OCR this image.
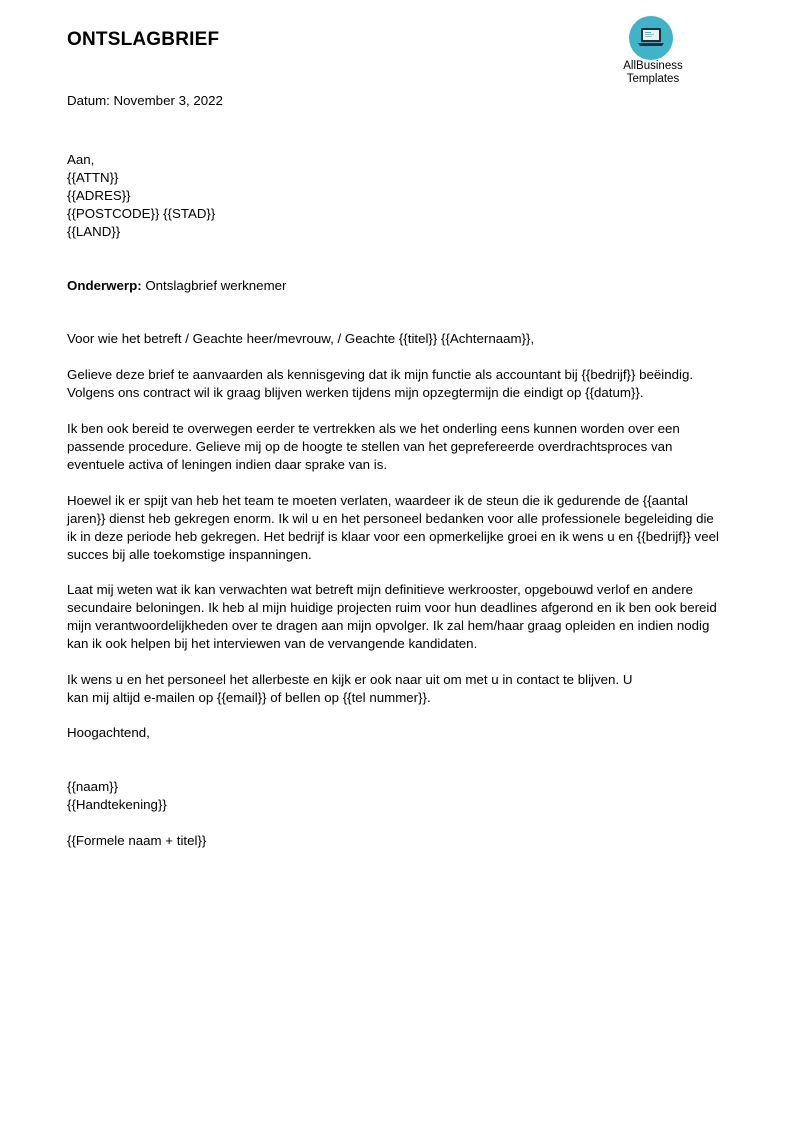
ONTSLAGBRIEF
AllBusiness
Templates
Datum: November 3, 2022
Aan,
{{ATTN}}
{{ADRES}}
{{POSTCODE}} {{STAD}}
{{LAND}}
Onderwerp: Ontslagbrief werknemer
Voor wie het betreft / Geachte heer/mevrouw, / Geachte {{titel}} {{Achternaam}},
Gelieve deze brief te aanvaarden als kennisgeving dat ik mijn functie als accountant bij {{bedrijf}} beëindig.
Volgens ons contract wil ik graag blijven werken tijdens mijn opzegtermijn die eindigt op {{datum}}.
Ik ben ook bereid te overwegen eerder te vertrekken als we het onderling eens kunnen worden over een
passende procedure. Gelieve mij op de hoogte te stellen van het geprefereerde overdrachtsproces van
eventuele activa of leningen indien daar sprake van is.
Hoewel ik er spijt van heb het team te moeten verlaten, waardeer ik de steun die ik gedurende de {{aantal
jaren}} dienst heb gekregen enorm. Ik wil u en het personeel bedanken voor alle professionele begeleiding die
ik in deze periode heb gekregen. Het bedrijf is klaar voor een opmerkelijke groei en ik wens u en {{bedrijf}} veel
succes bij alle toekomstige inspanningen.
Laat mij weten wat ik kan verwachten wat betreft mijn definitieve werkrooster, opgebouwd verlof en andere
secundaire beloningen. Ik heb al mijn huidige projecten ruim voor hun deadlines afgerond en ik ben ook bereid
mijn verantwoordelijkheden over te dragen aan mijn opvolger. Ik zal hem/haar graag opleiden en indien nodig
kan ik ook helpen bij het interviewen van de vervangende kandidaten.
Ik wens u en het personeel het allerbeste en kijk er ook naar uit om met u in contact te blijven. U
kan mij altijd e-mailen op {{email}} of bellen op {{tel nummer}}.
Hoogachtend,
{{naam}}
{{Handtekening}}
{{Formele naam + titel}}
